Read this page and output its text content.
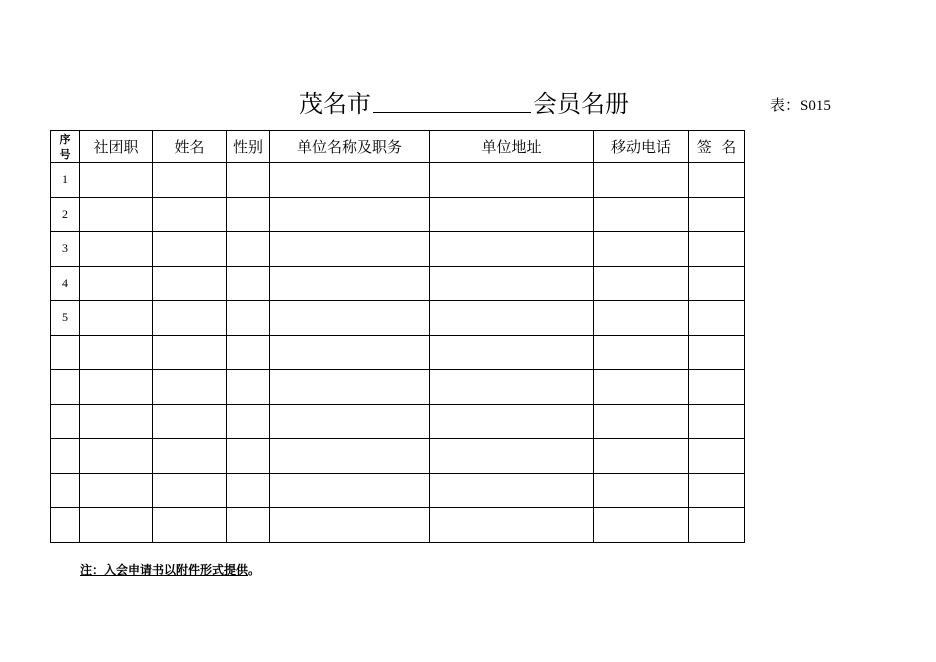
茂名市	会员名册	表：S015
序号	社团职	姓名	性别	单位名称及职务	单位地址	移动电话	签  名
1							
2							
3							
4							
5							

注：入会申请书以附件形式提供。
